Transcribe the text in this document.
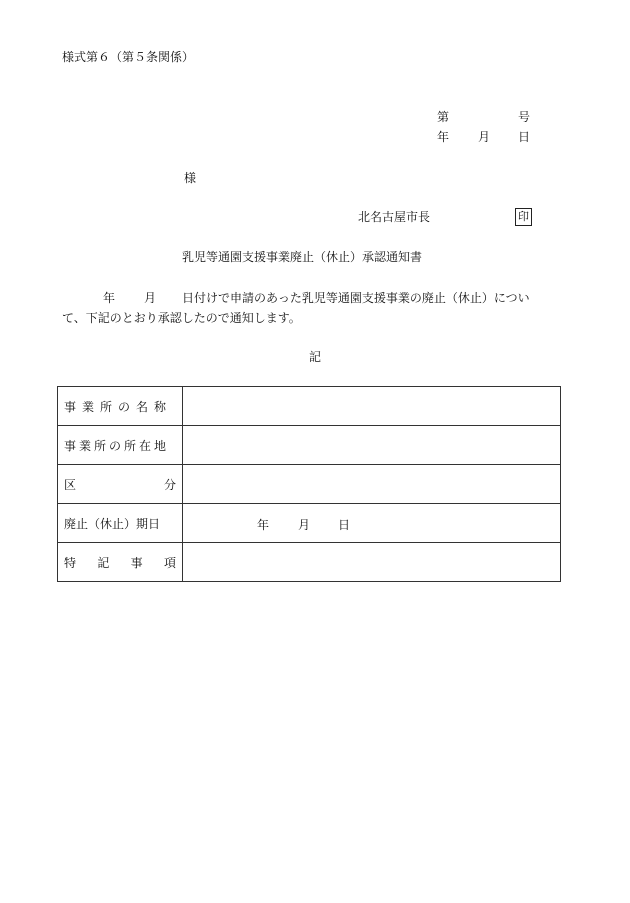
様式第６（第５条関係）
第	号
年 月 日
様
北名古屋市長	印
乳児等通園支援事業廃止（休止）承認通知書
年 月 日付けで申請のあった乳児等通園支援事業の廃止（休止）につい
て、下記のとおり承認したので通知します。
記
事業所の名称	
事業所の所在地	

区 分	

廃止（休止）期日	年 月 日

特 記 事 項	
